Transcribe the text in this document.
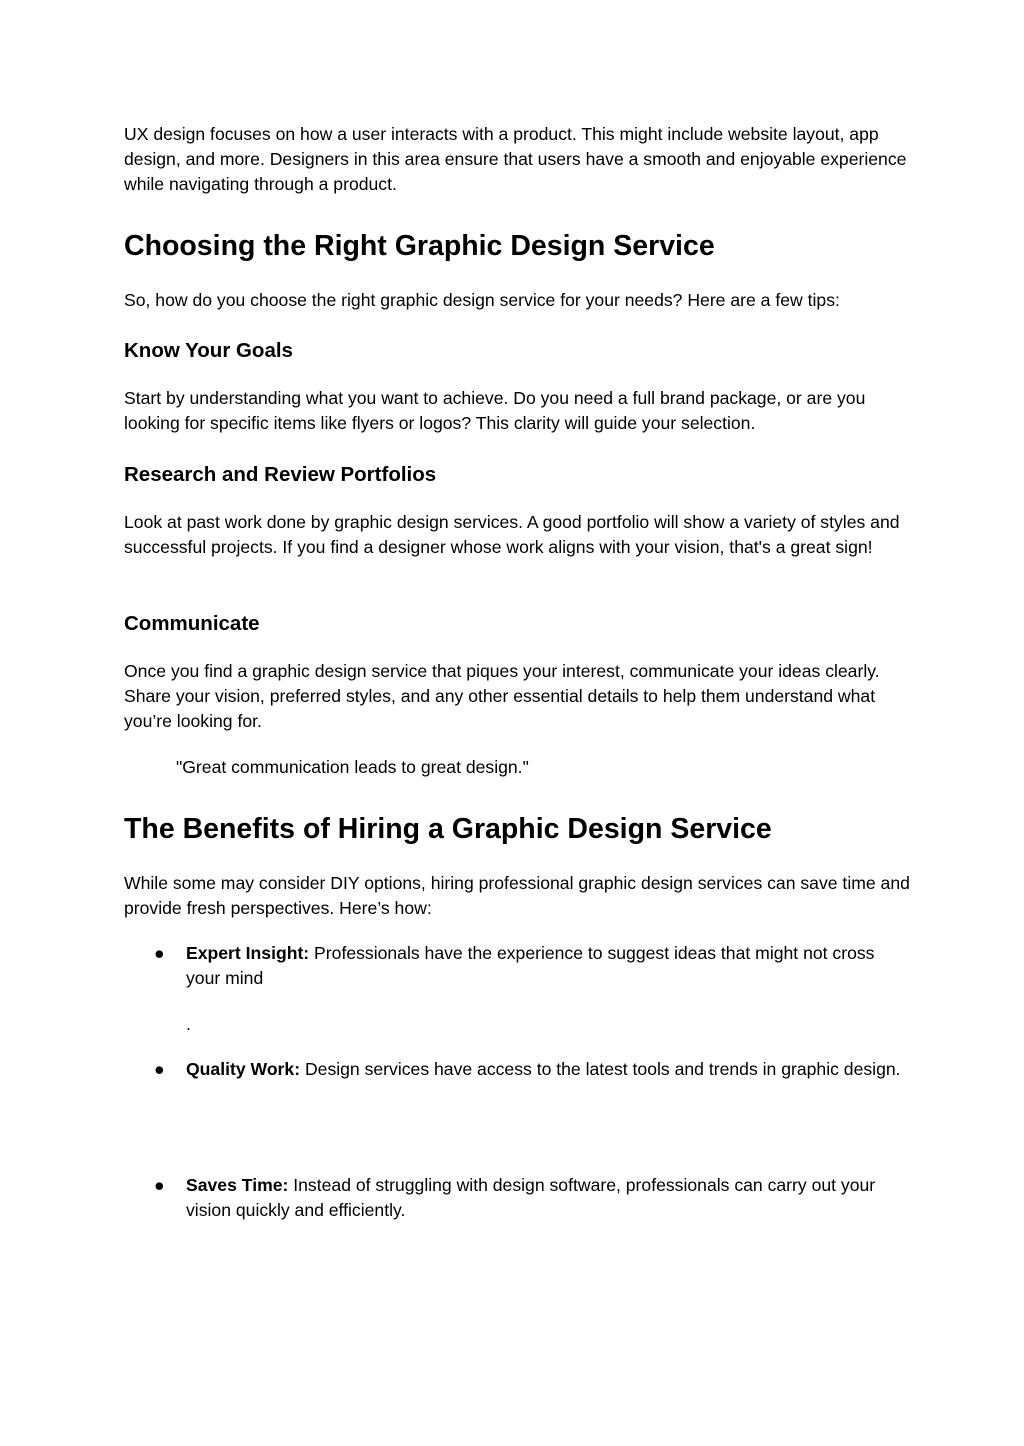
UX design focuses on how a user interacts with a product. This might include website layout, app design, and more. Designers in this area ensure that users have a smooth and enjoyable experience while navigating through a product.

Choosing the Right Graphic Design Service

So, how do you choose the right graphic design service for your needs? Here are a few tips:

Know Your Goals

Start by understanding what you want to achieve. Do you need a full brand package, or are you looking for specific items like flyers or logos? This clarity will guide your selection.

Research and Review Portfolios

Look at past work done by graphic design services. A good portfolio will show a variety of styles and successful projects. If you find a designer whose work aligns with your vision, that's a great sign!

Communicate

Once you find a graphic design service that piques your interest, communicate your ideas clearly. Share your vision, preferred styles, and any other essential details to help them understand what you’re looking for.

"Great communication leads to great design."

The Benefits of Hiring a Graphic Design Service

While some may consider DIY options, hiring professional graphic design services can save time and provide fresh perspectives. Here’s how:

● Expert Insight: Professionals have the experience to suggest ideas that might not cross your mind
.
● Quality Work: Design services have access to the latest tools and trends in graphic design.
● Saves Time: Instead of struggling with design software, professionals can carry out your vision quickly and efficiently.
